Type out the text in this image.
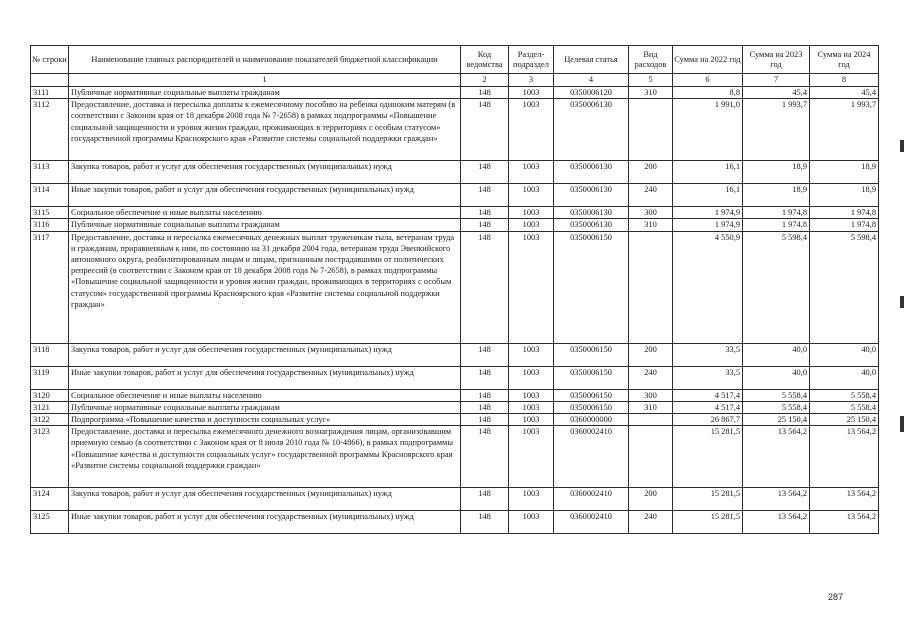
№ строки	Наименование главных распорядителей и наименование показателей бюджетной классификации	Код ведомства	Раздел-подраздел	Целевая статья	Вид расходов	Сумма на 2022 год	Сумма на 2023 год	Сумма на 2024 год
	1	2	3	4	5	6	7	8
3111	Публичные нормативные социальные выплаты гражданам	148	1003	0350006120	310	8,8	45,4	45,4
3112	Предоставление, доставка и пересылка доплаты к ежемесячному пособию на ребенка одиноким матерям (в соответствии с Законом края от 18 декабря 2008 года № 7-2658) в рамках подпрограммы «Повышение социальной защищенности и уровня жизни граждан, проживающих в территориях с особым статусом» государственной программы Красноярского края «Развитие системы социальной поддержки граждан»	148	1003	0350006130		1 991,0	1 993,7	1 993,7
3113	Закупка товаров, работ и услуг для обеспечения государственных (муниципальных) нужд	148	1003	0350006130	200	16,1	18,9	18,9
3114	Иные закупки товаров, работ и услуг для обеспечения государственных (муниципальных) нужд	148	1003	0350006130	240	16,1	18,9	18,9
3115	Социальное обеспечение и иные выплаты населению	148	1003	0350006130	300	1 974,9	1 974,8	1 974,8
3116	Публичные нормативные социальные выплаты гражданам	148	1003	0350006130	310	1 974,9	1 974,8	1 974,8
3117	Предоставление, доставка и пересылка ежемесячных денежных выплат труженикам тыла, ветеранам труда и гражданам, приравненным к ним, по состоянию на 31 декабря 2004 года, ветеранам труда Эвенкийского автономного округа, реабилитированным лицам и лицам, признанным пострадавшими от политических репрессий (в соответствии с Законом края от 18 декабря 2008 года № 7-2658), в рамках подпрограммы «Повышение социальной защищенности и уровня жизни граждан, проживающих в территориях с особым статусом» государственной программы Красноярского края «Развитие системы социальной поддержки граждан»	148	1003	0350006150		4 550,9	5 598,4	5 598,4
3118	Закупка товаров, работ и услуг для обеспечения государственных (муниципальных) нужд	148	1003	0350006150	200	33,5	40,0	40,0
3119	Иные закупки товаров, работ и услуг для обеспечения государственных (муниципальных) нужд	148	1003	0350006150	240	33,5	40,0	40,0
3120	Социальное обеспечение и иные выплаты населению	148	1003	0350006150	300	4 517,4	5 558,4	5 558,4
3121	Публичные нормативные социальные выплаты гражданам	148	1003	0350006150	310	4 517,4	5 558,4	5 558,4
3122	Подпрограмма «Повышение качества и доступности социальных услуг»	148	1003	0360000000		26 867,7	25 150,4	25 150,4
3123	Предоставление, доставка и пересылка ежемесячного денежного вознаграждения лицам, организовавшим приемную семью (в соответствии с Законом края от 8 июля 2010 года № 10-4866), в рамках подпрограммы «Повышение качества и доступности социальных услуг» государственной программы Красноярского края «Развитие системы социальной поддержки граждан»	148	1003	0360002410		15 281,5	13 564,2	13 564,2
3124	Закупка товаров, работ и услуг для обеспечения государственных (муниципальных) нужд	148	1003	0360002410	200	15 281,5	13 564,2	13 564,2
3125	Иные закупки товаров, работ и услуг для обеспечения государственных (муниципальных) нужд	148	1003	0360002410	240	15 281,5	13 564,2	13 564,2
287
